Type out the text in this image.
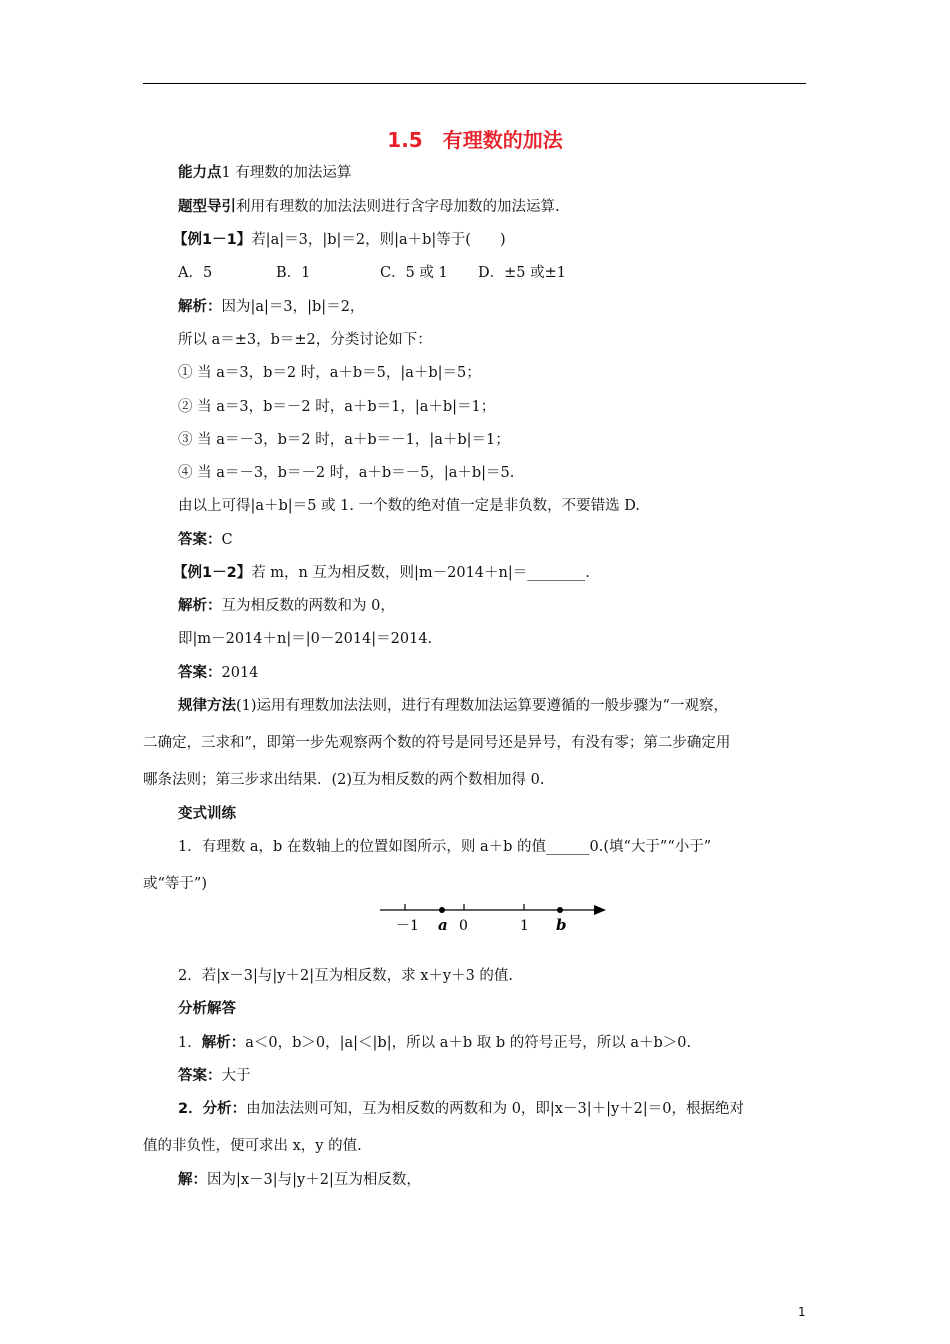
1.5　有理数的加法
能力点1 有理数的加法运算
题型导引利用有理数的加法法则进行含字母加数的加法运算.
【例1－1】若|a|＝3，|b|＝2，则|a＋b|等于(　　)
A．5	B．1	C．5 或 1 D．±5 或±1
解析：因为|a|＝3，|b|＝2，
所以 a＝±3，b＝±2，分类讨论如下：
① 当 a＝3，b＝2 时，a＋b＝5，|a＋b|＝5；
② 当 a＝3，b＝－2 时，a＋b＝1，|a＋b|＝1；
③ 当 a＝－3，b＝2 时，a＋b＝－1，|a＋b|＝1；
④ 当 a＝－3，b＝－2 时，a＋b＝－5，|a＋b|＝5.
由以上可得|a＋b|＝5 或 1. 一个数的绝对值一定是非负数，不要错选 D.
答案：C
【例1－2】若 m，n 互为相反数，则|m－2014＋n|＝________.
解析：互为相反数的两数和为 0，
即|m－2014＋n|＝|0－2014|＝2014.
答案：2014
规律方法(1)运用有理数加法法则，进行有理数加法运算要遵循的一般步骤为“一观察，
二确定，三求和”，即第一步先观察两个数的符号是同号还是异号，有没有零；第二步确定用
哪条法则；第三步求出结果．(2)互为相反数的两个数相加得 0.
变式训练
1．有理数 a，b 在数轴上的位置如图所示，则 a＋b 的值______0.(填“大于”“小于”
或“等于”)
－1 a 0	1 b
2．若|x－3|与|y＋2|互为相反数，求 x＋y＋3 的值.
分析解答
1．解析：a＜0，b＞0，|a|＜|b|，所以 a＋b 取 b 的符号正号，所以 a＋b＞0.
答案：大于
2．分析：由加法法则可知，互为相反数的两数和为 0，即|x－3|＋|y＋2|＝0，根据绝对
值的非负性，便可求出 x，y 的值.
解：因为|x－3|与|y＋2|互为相反数，
1
